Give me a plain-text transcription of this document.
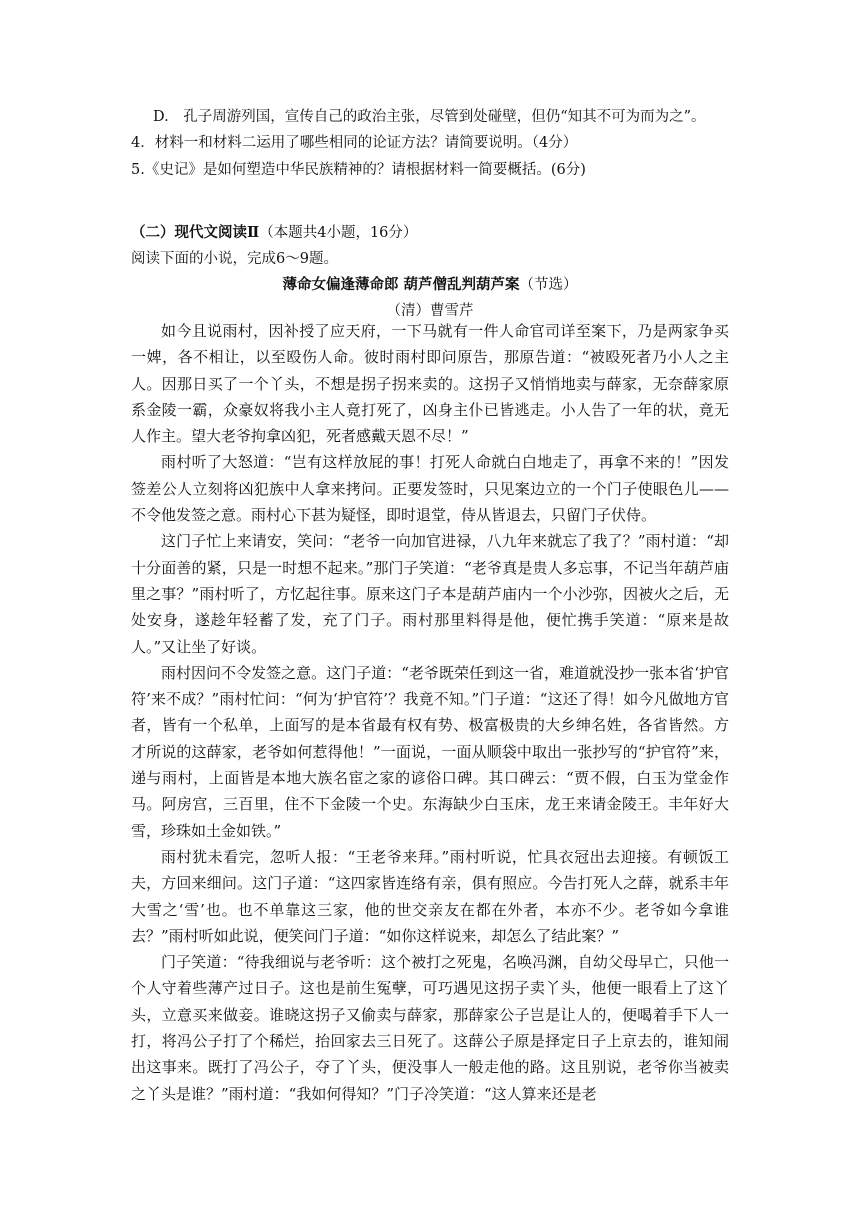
D.　孔子周游列国，宣传自己的政治主张，尽管到处碰壁，但仍“知其不可为而为之”。
4．材料一和材料二运用了哪些相同的论证方法？请简要说明。（4分）
5.《史记》是如何塑造中华民族精神的？请根据材料一简要概括。(6分)
（二）现代文阅读Ⅱ（本题共4小题，16分）
阅读下面的小说，完成6～9题。
薄命女偏逢薄命郎 葫芦僧乱判葫芦案（节选）
（清）曹雪芹

如今且说雨村，因补授了应天府，一下马就有一件人命官司详至案下，乃是两家争买一婢，各不相让，以至殴伤人命。彼时雨村即问原告，那原告道：“被殴死者乃小人之主人。因那日买了一个丫头，不想是拐子拐来卖的。这拐子又悄悄地卖与薛家，无奈薛家原系金陵一霸，众豪奴将我小主人竟打死了，凶身主仆已皆逃走。小人告了一年的状，竟无人作主。望大老爷拘拿凶犯，死者感戴天恩不尽！”

雨村听了大怒道：“岂有这样放屁的事！打死人命就白白地走了，再拿不来的！”因发签差公人立刻将凶犯族中人拿来拷问。正要发签时，只见案边立的一个门子使眼色儿——不令他发签之意。雨村心下甚为疑怪，即时退堂，侍从皆退去，只留门子伏侍。

这门子忙上来请安，笑问：“老爷一向加官进禄，八九年来就忘了我了？”雨村道：“却十分面善的紧，只是一时想不起来。”那门子笑道：“老爷真是贵人多忘事，不记当年葫芦庙里之事？”雨村听了，方忆起往事。原来这门子本是葫芦庙内一个小沙弥，因被火之后，无处安身，遂趁年轻蓄了发，充了门子。雨村那里料得是他，便忙携手笑道：“原来是故人。”又让坐了好谈。

雨村因问不令发签之意。这门子道：“老爷既荣任到这一省，难道就没抄一张本省‘护官符’来不成？”雨村忙问：“何为‘护官符’？我竟不知。”门子道：“这还了得！如今凡做地方官者，皆有一个私单，上面写的是本省最有权有势、极富极贵的大乡绅名姓，各省皆然。方才所说的这薛家，老爷如何惹得他！”一面说，一面从顺袋中取出一张抄写的“护官符”来，递与雨村，上面皆是本地大族名宦之家的谚俗口碑。其口碑云：“贾不假，白玉为堂金作马。阿房宫，三百里，住不下金陵一个史。东海缺少白玉床，龙王来请金陵王。丰年好大雪，珍珠如土金如铁。”

雨村犹未看完，忽听人报：“王老爷来拜。”雨村听说，忙具衣冠出去迎接。有顿饭工夫，方回来细问。这门子道：“这四家皆连络有亲，俱有照应。今告打死人之薛，就系丰年大雪之‘雪’也。也不单靠这三家，他的世交亲友在都在外者，本亦不少。老爷如今拿谁去？”雨村听如此说，便笑问门子道：“如你这样说来，却怎么了结此案？”

门子笑道：“待我细说与老爷听：这个被打之死鬼，名唤冯渊，自幼父母早亡，只他一个人守着些薄产过日子。这也是前生冤孽，可巧遇见这拐子卖丫头，他便一眼看上了这丫头，立意买来做妾。谁晓这拐子又偷卖与薛家，那薛家公子岂是让人的，便喝着手下人一打，将冯公子打了个稀烂，抬回家去三日死了。这薛公子原是择定日子上京去的，谁知闹出这事来。既打了冯公子，夺了丫头，便没事人一般走他的路。这且别说，老爷你当被卖之丫头是谁？”雨村道：“我如何得知？”门子冷笑道：“这人算来还是老
